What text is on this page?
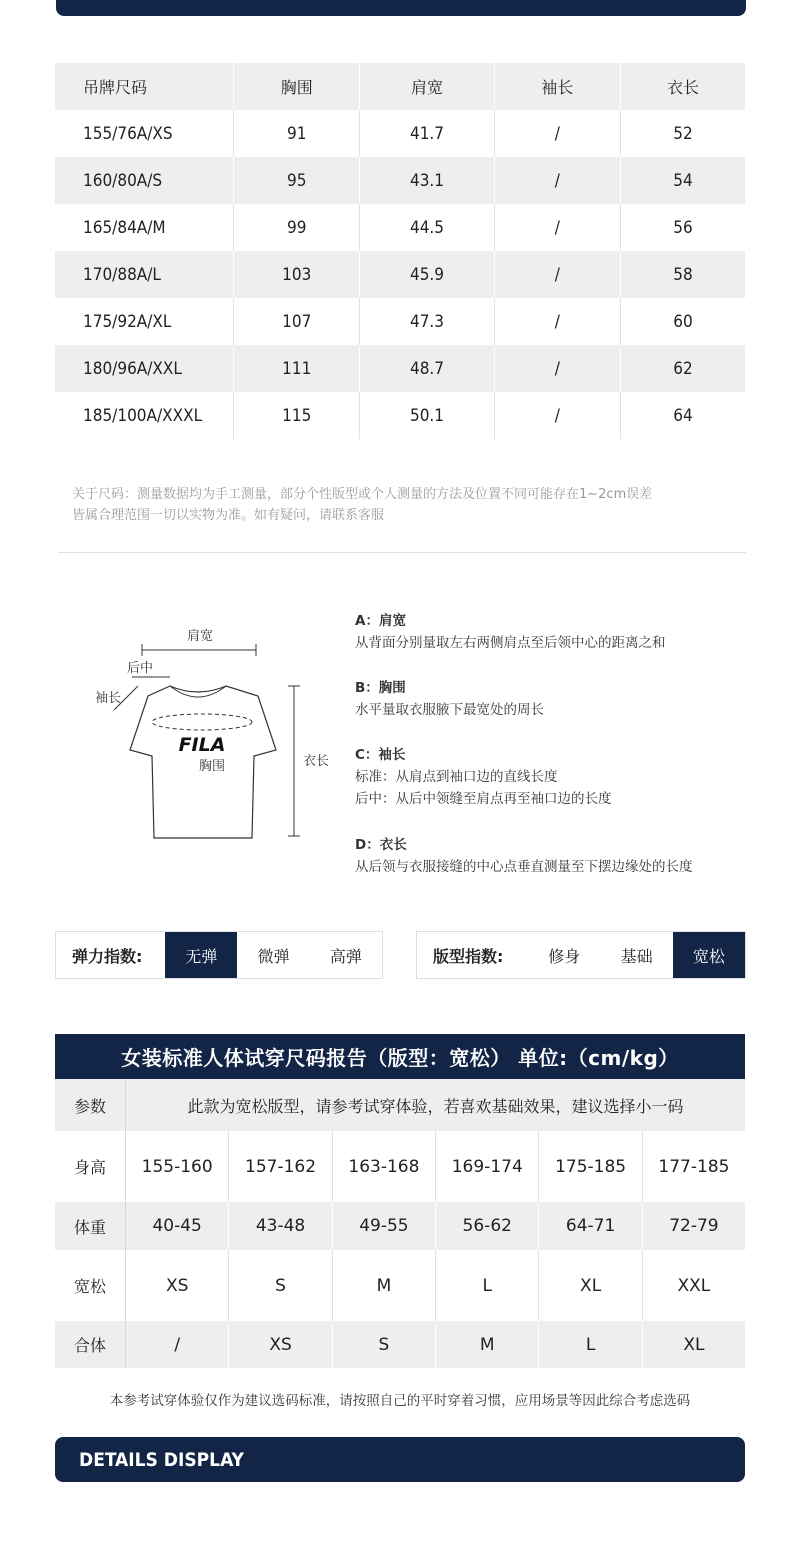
吊牌尺码	胸围	肩宽	袖长	衣长
155/76A/XS	91	41.7	/	52
160/80A/S	95	43.1	/	54
165/84A/M	99	44.5	/	56
170/88A/L	103	45.9	/	58
175/92A/XL	107	47.3	/	60
180/96A/XXL	111	48.7	/	62
185/100A/XXXL	115	50.1	/	64
关于尺码：测量数据均为手工测量，部分个性版型或个人测量的方法及位置不同可能存在1~2cm误差
皆属合理范围一切以实物为准。如有疑问，请联系客服
肩宽
后中
袖长
FILA
胸围	衣长
A：肩宽
从背面分别量取左右两侧肩点至后领中心的距离之和
B：胸围
水平量取衣服腋下最宽处的周长
C：袖长
标准：从肩点到袖口边的直线长度
后中：从后中领缝至肩点再至袖口边的长度
D：衣长
从后领与衣服接缝的中心点垂直测量至下摆边缘处的长度
弹力指数:	无弹	微弹	高弹	版型指数:	修身	基础	宽松
女装标准人体试穿尺码报告（版型：宽松） 单位:（cm/kg）
参数	此款为宽松版型，请参考试穿体验，若喜欢基础效果，建议选择小一码					
身高	155-160	157-162	163-168	169-174	175-185	177-185
体重	40-45	43-48	49-55	56-62	64-71	72-79
宽松	XS	S	M	L	XL	XXL
合体	/	XS	S	M	L	XL
本参考试穿体验仅作为建议选码标准，请按照自己的平时穿着习惯，应用场景等因此综合考虑选码
DETAILS DISPLAY
